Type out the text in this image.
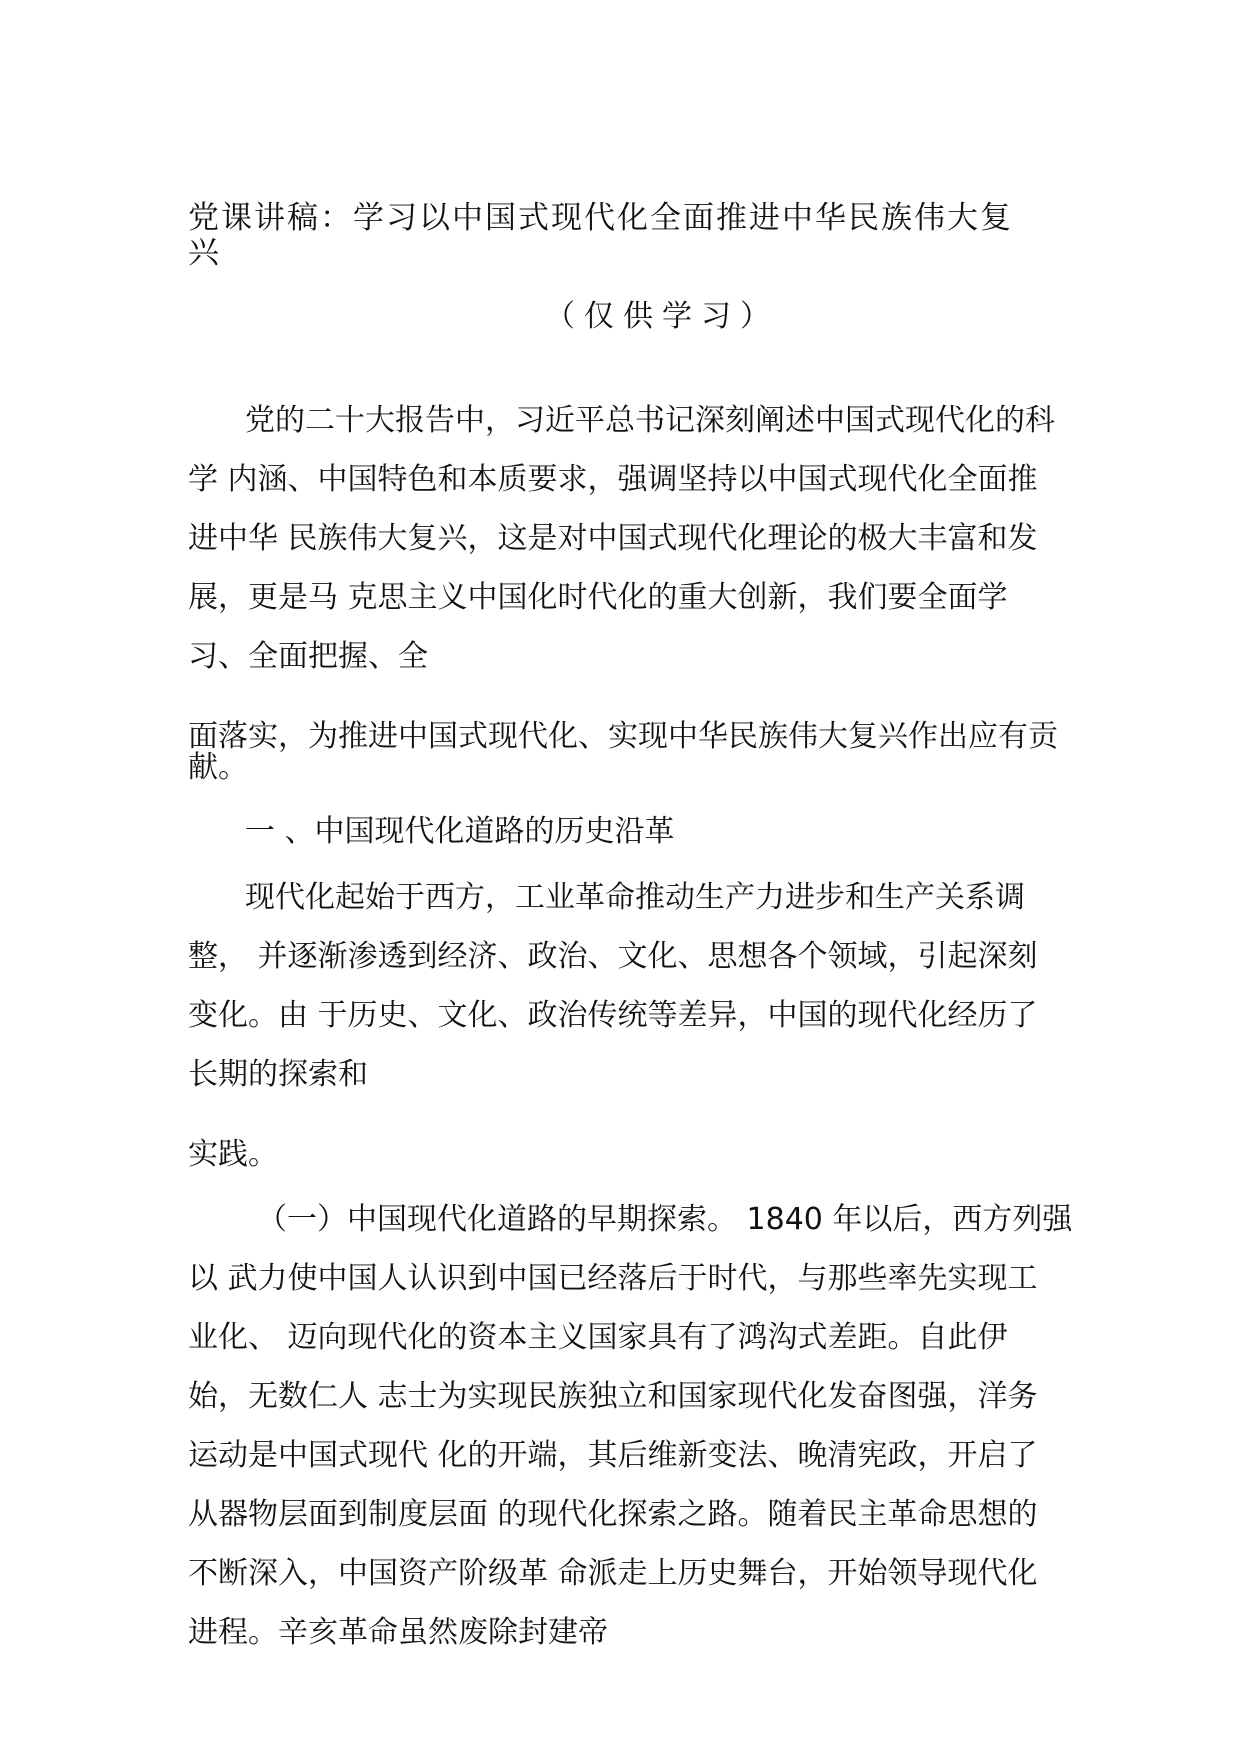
党课讲稿：学习以中国式现代化全面推进中华民族伟大复
兴
（仅供学习）
党的二十大报告中，习近平总书记深刻阐述中国式现代化的科
学 内涵、中国特色和本质要求，强调坚持以中国式现代化全面推
进中华 民族伟大复兴，这是对中国式现代化理论的极大丰富和发
展，更是马 克思主义中国化时代化的重大创新，我们要全面学
习、全面把握、全
面落实，为推进中国式现代化、实现中华民族伟大复兴作出应有贡
献。
一 、中国现代化道路的历史沿革
现代化起始于西方，工业革命推动生产力进步和生产关系调
整， 并逐渐渗透到经济、政治、文化、思想各个领域，引起深刻
变化。由 于历史、文化、政治传统等差异，中国的现代化经历了
长期的探索和
实践。
（一）中国现代化道路的早期探索。 1840 年以后，西方列强
以 武力使中国人认识到中国已经落后于时代，与那些率先实现工
业化、 迈向现代化的资本主义国家具有了鸿沟式差距。自此伊
始，无数仁人 志士为实现民族独立和国家现代化发奋图强，洋务
运动是中国式现代 化的开端，其后维新变法、晚清宪政，开启了
从器物层面到制度层面 的现代化探索之路。随着民主革命思想的
不断深入，中国资产阶级革 命派走上历史舞台，开始领导现代化
进程。辛亥革命虽然废除封建帝
